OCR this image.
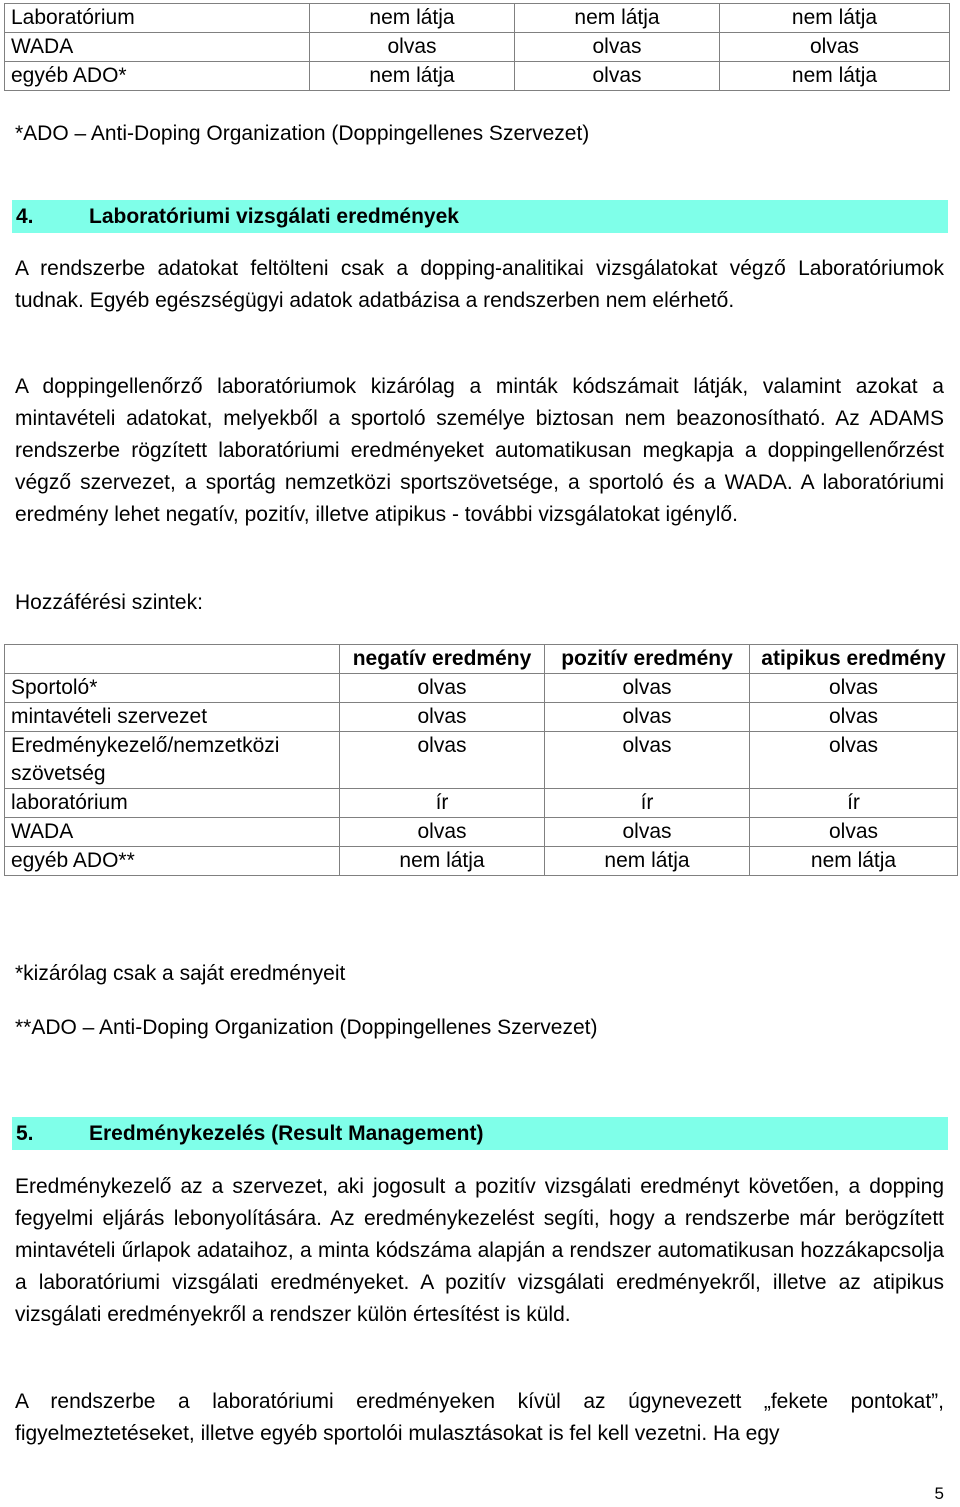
Laboratórium	nem látja	nem látja	nem látja
WADA	olvas	olvas	olvas
egyéb ADO*	nem látja	olvas	nem látja

*ADO – Anti-Doping Organization (Doppingellenes Szervezet)

4.	Laboratóriumi vizsgálati eredmények

A rendszerbe adatokat feltölteni csak a dopping-analitikai vizsgálatokat végző Laboratóriumok tudnak. Egyéb egészségügyi adatok adatbázisa a rendszerben nem elérhető.

A doppingellenőrző laboratóriumok kizárólag a minták kódszámait látják, valamint azokat a mintavételi adatokat, melyekből a sportoló személye biztosan nem beazonosítható. Az ADAMS rendszerbe rögzített laboratóriumi eredményeket automatikusan megkapja a doppingellenőrzést végző szervezet, a sportág nemzetközi sportszövetsége, a sportoló és a WADA. A laboratóriumi eredmény lehet negatív, pozitív, illetve atipikus - további vizsgálatokat igénylő.

Hozzáférési szintek:

	negatív eredmény	pozitív eredmény	atipikus eredmény
Sportoló*	olvas	olvas	olvas
mintavételi szervezet	olvas	olvas	olvas
Eredménykezelő/nemzetközi szövetség	olvas	olvas	olvas
laboratórium	ír	ír	ír
WADA	olvas	olvas	olvas
egyéb ADO**	nem látja	nem látja	nem látja

*kizárólag csak a saját eredményeit

**ADO – Anti-Doping Organization (Doppingellenes Szervezet)

5.	Eredménykezelés (Result Management)

Eredménykezelő az a szervezet, aki jogosult a pozitív vizsgálati eredményt követően, a dopping fegyelmi eljárás lebonyolítására. Az eredménykezelést segíti, hogy a rendszerbe már berögzített mintavételi űrlapok adataihoz, a minta kódszáma alapján a rendszer automatikusan hozzákapcsolja a laboratóriumi vizsgálati eredményeket. A pozitív vizsgálati eredményekről, illetve az atipikus vizsgálati eredményekről a rendszer külön értesítést is küld.

A rendszerbe a laboratóriumi eredményeken kívül az úgynevezett „fekete pontokat”, figyelmeztetéseket, illetve egyéb sportolói mulasztásokat is fel kell vezetni. Ha egy

5
